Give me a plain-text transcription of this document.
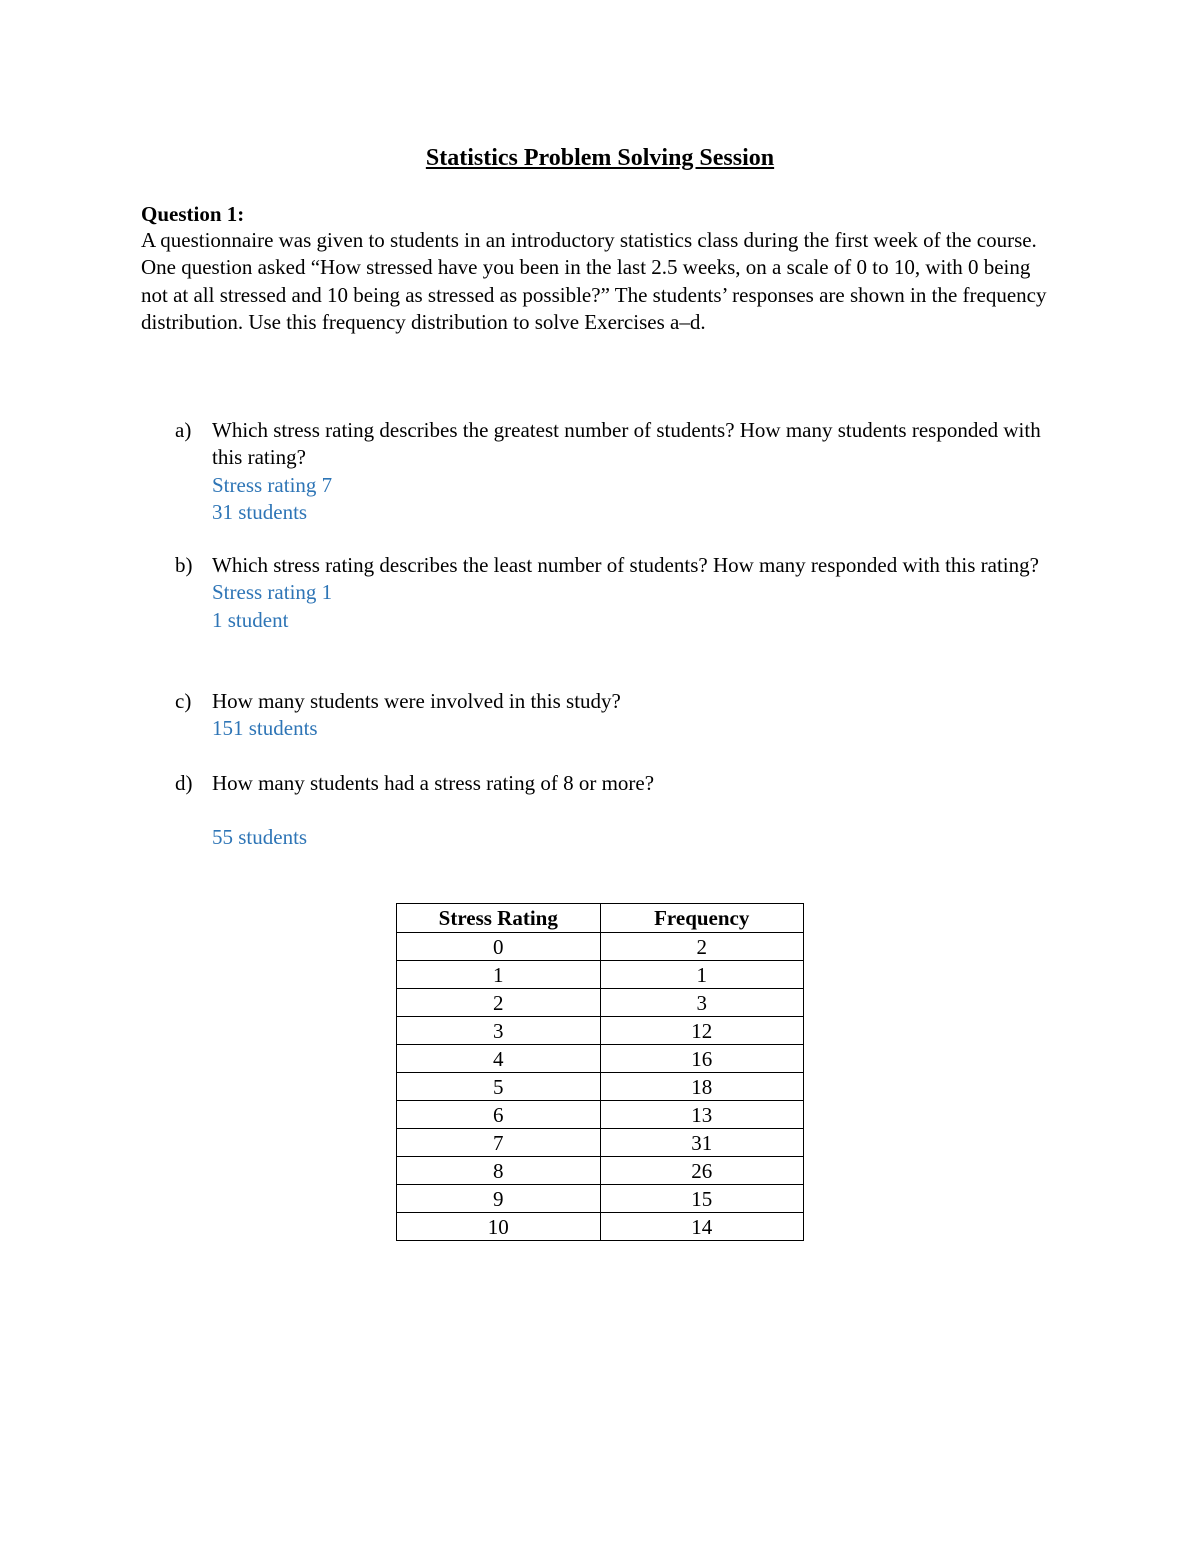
Statistics Problem Solving Session
Question 1:
A questionnaire was given to students in an introductory statistics class during the first week of the course. One question asked “How stressed have you been in the last 2.5 weeks, on a scale of 0 to 10, with 0 being not at all stressed and 10 being as stressed as possible?” The students’ responses are shown in the frequency distribution. Use this frequency distribution to solve Exercises a–d.
a) Which stress rating describes the greatest number of students? How many students responded with this rating?
Stress rating 7
31 students
b) Which stress rating describes the least number of students? How many responded with this rating?
Stress rating 1
1 student
c) How many students were involved in this study?
151 students
d) How many students had a stress rating of 8 or more?
55 students
Stress Rating	Frequency
0	2
1	1
2	3
3	12
4	16
5	18
6	13
7	31
8	26
9	15
10	14
